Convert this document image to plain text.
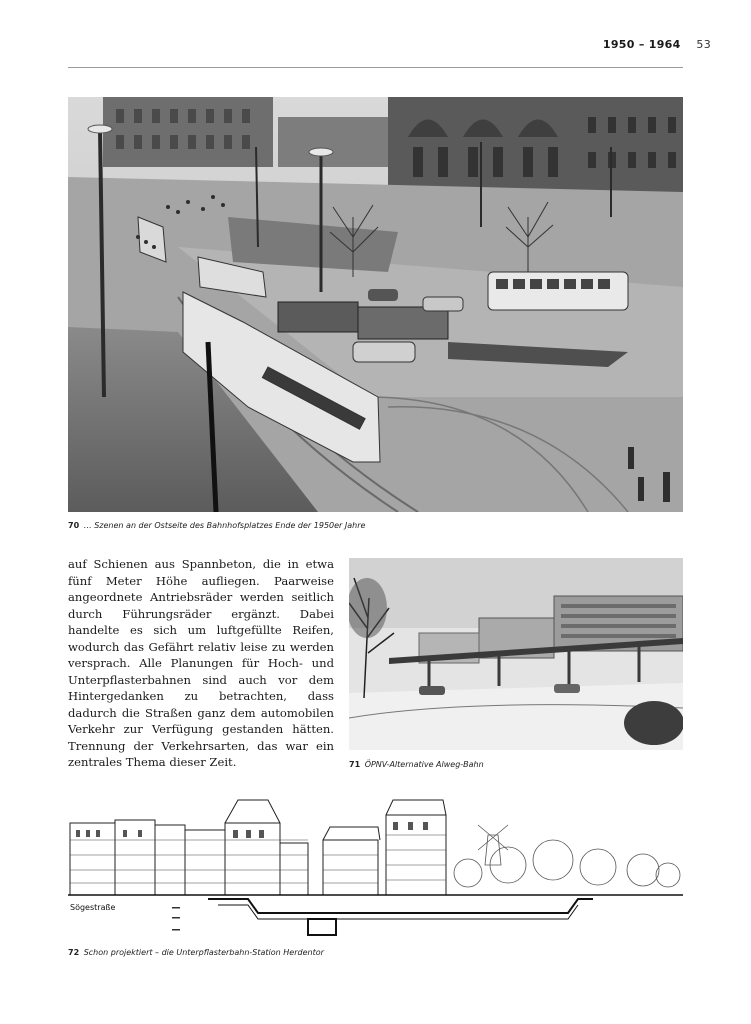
1950 – 1964 53
70 … Szenen an der Ostseite des Bahnhofsplatzes Ende der 1950er Jahre
auf Schienen aus Spannbeton, die in etwa fünf Meter Höhe aufliegen. Paarweise angeordnete Antriebsräder werden seitlich durch Führungsräder ergänzt. Dabei handelte es sich um luftgefüllte Reifen, wodurch das Gefährt relativ leise zu werden versprach. Alle Planungen für Hoch- und Unterpflasterbahnen sind auch vor dem Hintergedanken zu betrachten, dass dadurch die Straßen ganz dem automobilen Verkehr zur Verfügung gestanden hätten. Trennung der Verkehrsarten, das war ein zentrales Thema dieser Zeit.	71 ÖPNV-Alternative Alweg-Bahn
Sögestraße
72 Schon projektiert – die Unterpflasterbahn-Station Herdentor
